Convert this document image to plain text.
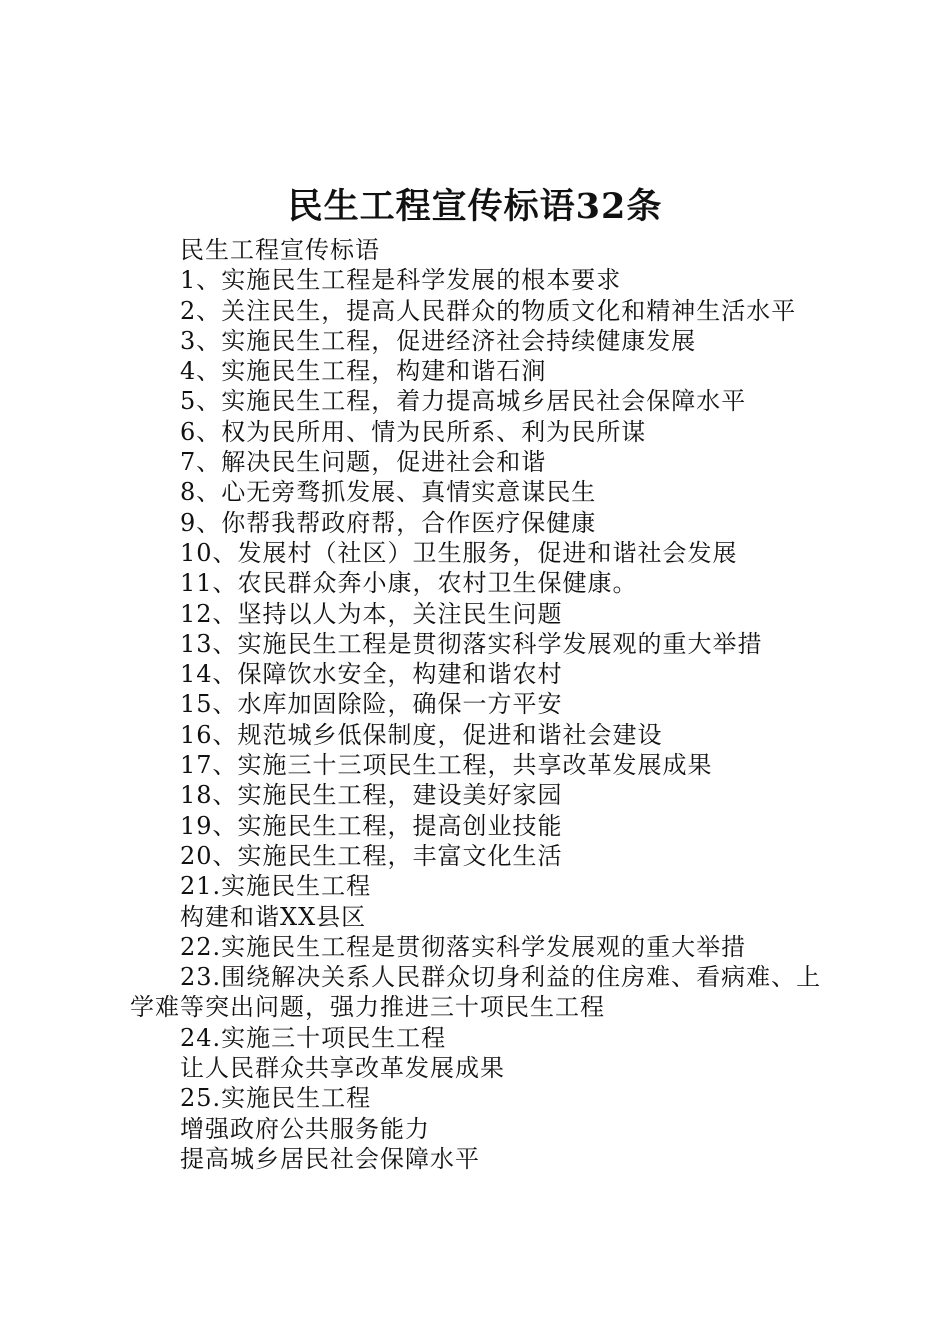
民生工程宣传标语32条
民生工程宣传标语
1、实施民生工程是科学发展的根本要求
2、关注民生，提高人民群众的物质文化和精神生活水平
3、实施民生工程，促进经济社会持续健康发展
4、实施民生工程，构建和谐石涧
5、实施民生工程，着力提高城乡居民社会保障水平
6、权为民所用、情为民所系、利为民所谋
7、解决民生问题，促进社会和谐
8、心无旁骛抓发展、真情实意谋民生
9、你帮我帮政府帮，合作医疗保健康
10、发展村（社区）卫生服务，促进和谐社会发展
11、农民群众奔小康，农村卫生保健康。
12、坚持以人为本，关注民生问题
13、实施民生工程是贯彻落实科学发展观的重大举措
14、保障饮水安全，构建和谐农村
15、水库加固除险，确保一方平安
16、规范城乡低保制度，促进和谐社会建设
17、实施三十三项民生工程，共享改革发展成果
18、实施民生工程，建设美好家园
19、实施民生工程，提高创业技能
20、实施民生工程，丰富文化生活
21.实施民生工程
构建和谐XX县区
22.实施民生工程是贯彻落实科学发展观的重大举措
23.围绕解决关系人民群众切身利益的住房难、看病难、上
学难等突出问题，强力推进三十项民生工程
24.实施三十项民生工程
让人民群众共享改革发展成果
25.实施民生工程
增强政府公共服务能力
提高城乡居民社会保障水平
